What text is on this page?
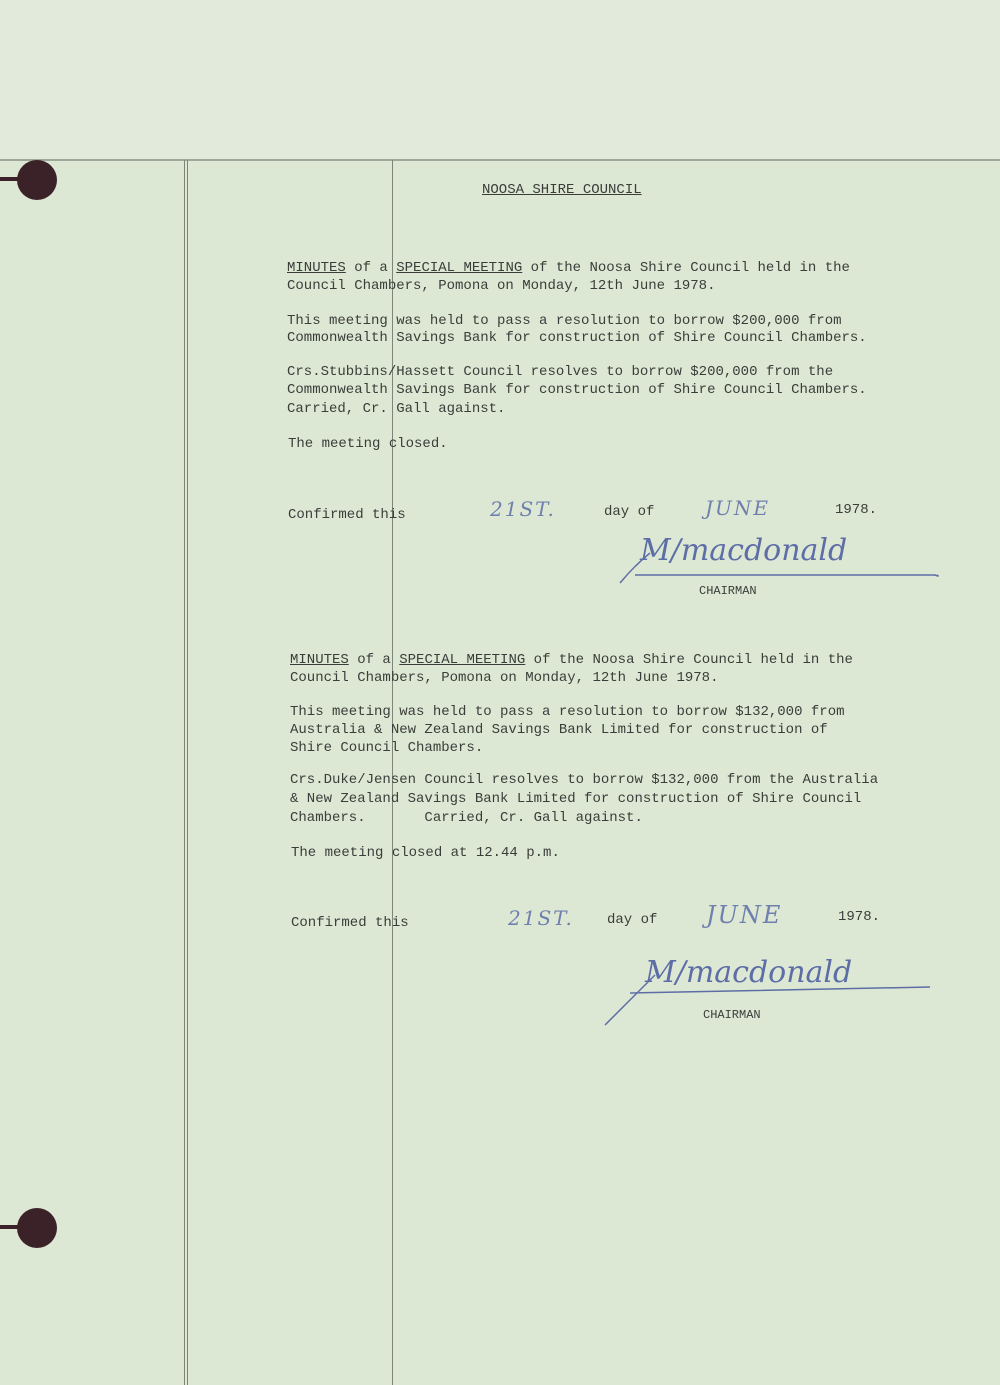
NOOSA SHIRE COUNCIL
MINUTES of a SPECIAL MEETING of the Noosa Shire Council held in the
Council Chambers, Pomona on Monday, 12th June 1978.
This meeting was held to pass a resolution to borrow $200,000 from
Commonwealth Savings Bank for construction of Shire Council Chambers.
Crs.Stubbins/Hassett Council resolves to borrow $200,000 from the
Commonwealth Savings Bank for construction of Shire Council Chambers.
Carried, Cr. Gall against.
The meeting closed.
Confirmed this	21ST.	day of	JUNE	1978.
M/macdonald
CHAIRMAN
MINUTES of a SPECIAL MEETING of the Noosa Shire Council held in the
Council Chambers, Pomona on Monday, 12th June 1978.
This meeting was held to pass a resolution to borrow $132,000 from
Australia & New Zealand Savings Bank Limited for construction of
Shire Council Chambers.
Crs.Duke/Jensen Council resolves to borrow $132,000 from the Australia
& New Zealand Savings Bank Limited for construction of Shire Council
Chambers.       Carried, Cr. Gall against.
The meeting closed at 12.44 p.m.
Confirmed this	21ST. day of JUNE	1978.
M/macdonald
CHAIRMAN
